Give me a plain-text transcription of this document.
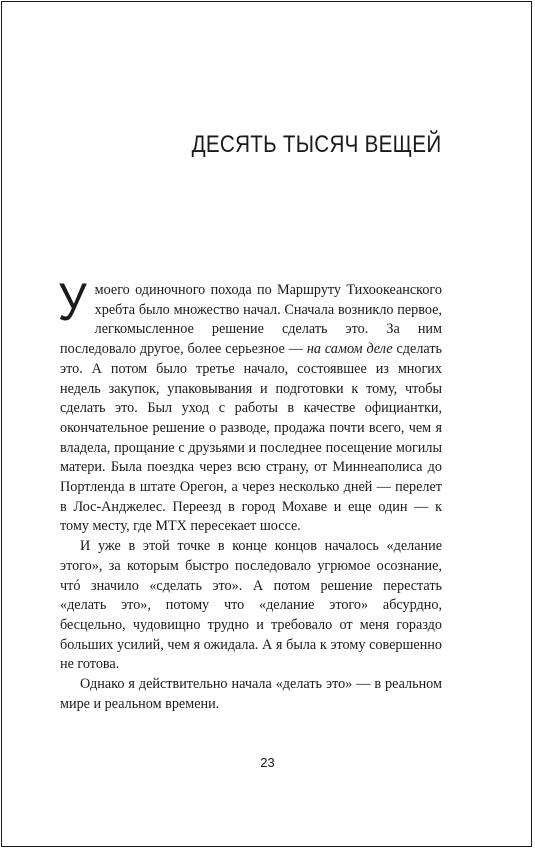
ДЕСЯТЬ ТЫСЯЧ ВЕЩЕЙ

Умоего одиночного похода по Маршруту Тихоокеанского хребта было множество начал. Сначала возникло первое, легкомысленное решение сделать это. За ним последовало другое, более серьезное — на самом деле сделать это. А потом было третье начало, состоявшее из многих недель закупок, упаковывания и подготовки к тому, чтобы сделать это. Был уход с работы в качестве официантки, окончательное решение о разводе, продажа почти всего, чем я владела, прощание с друзьями и последнее посещение могилы матери. Была поездка через всю страну, от Миннеаполиса до Портленда в штате Орегон, а через несколько дней — перелет в Лос-Анджелес. Переезд в город Мохаве и еще один — к тому месту, где МТХ пересекает шоссе.

И уже в этой точке в конце концов началось «делание этого», за которым быстро последовало угрюмое осознание, чтó значило «сделать это». А потом решение перестать «делать это», потому что «делание этого» абсурдно, бесцельно, чудовищно трудно и требовало от меня гораздо больших усилий, чем я ожидала. А я была к этому совершенно не готова.

Однако я действительно начала «делать это» — в реальном мире и реальном времени.

23
